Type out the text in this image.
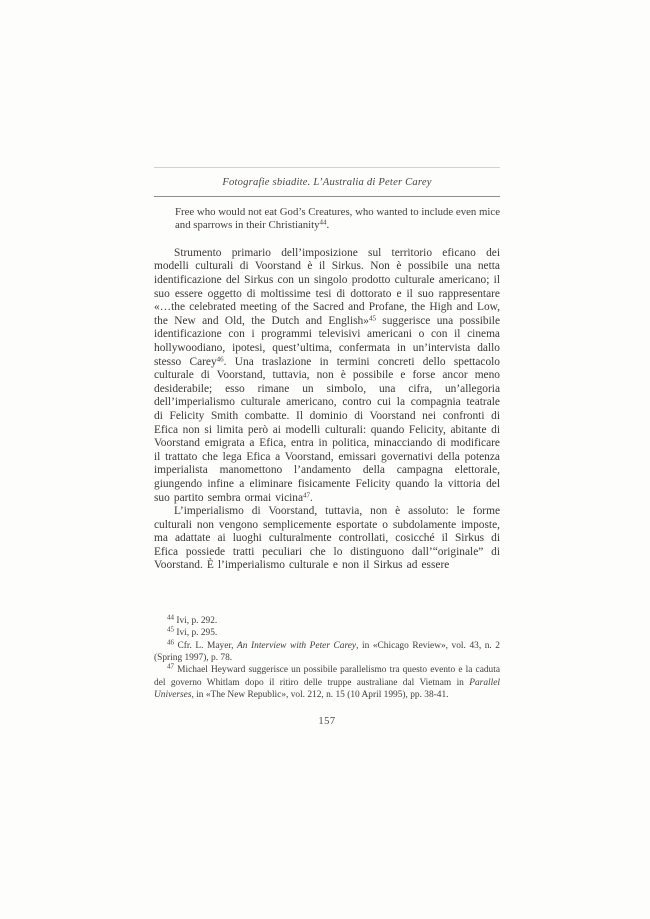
Fotografie sbiadite. L’Australia di Peter Carey
Free who would not eat God’s Creatures, who wanted to include even mice and sparrows in their Christianity$^{44}$.

Strumento primario dell’imposizione sul territorio eficano dei modelli culturali di Voorstand è il Sirkus. Non è possibile una netta identificazione del Sirkus con un singolo prodotto culturale americano; il suo essere oggetto di moltissime tesi di dottorato e il suo rappresentare «…the celebrated meeting of the Sacred and Profane, the High and Low, the New and Old, the Dutch and English»$^{45}$ suggerisce una possibile identificazione con i programmi televisivi americani o con il cinema hollywoodiano, ipotesi, quest’ultima, confermata in un’intervista dallo stesso Carey$^{46}$. Una traslazione in termini concreti dello spettacolo culturale di Voorstand, tuttavia, non è possibile e forse ancor meno desiderabile; esso rimane un simbolo, una cifra, un’allegoria dell’imperialismo culturale americano, contro cui la compagnia teatrale di Felicity Smith combatte. Il dominio di Voorstand nei confronti di Efica non si limita però ai modelli culturali: quando Felicity, abitante di Voorstand emigrata a Efica, entra in politica, minacciando di modificare il trattato che lega Efica a Voorstand, emissari governativi della potenza imperialista manomettono l’andamento della campagna elettorale, giungendo infine a eliminare fisicamente Felicity quando la vittoria del suo partito sembra ormai vicina$^{47}$.

L’imperialismo di Voorstand, tuttavia, non è assoluto: le forme culturali non vengono semplicemente esportate o subdolamente imposte, ma adattate ai luoghi culturalmente controllati, cosicché il Sirkus di Efica possiede tratti peculiari che lo distinguono dall’“originale” di Voorstand. È l’imperialismo culturale e non il Sirkus ad essere

$^{44}$ Ivi, p. 292.

$^{45}$ Ivi, p. 295.

$^{46}$ Cfr. L. Mayer, An Interview with Peter Carey, in «Chicago Review», vol. 43, n. 2 (Spring 1997), p. 78.

$^{47}$ Michael Heyward suggerisce un possibile parallelismo tra questo evento e la caduta del governo Whitlam dopo il ritiro delle truppe australiane dal Vietnam in Parallel Universes, in «The New Republic», vol. 212, n. 15 (10 April 1995), pp. 38-41.

157
